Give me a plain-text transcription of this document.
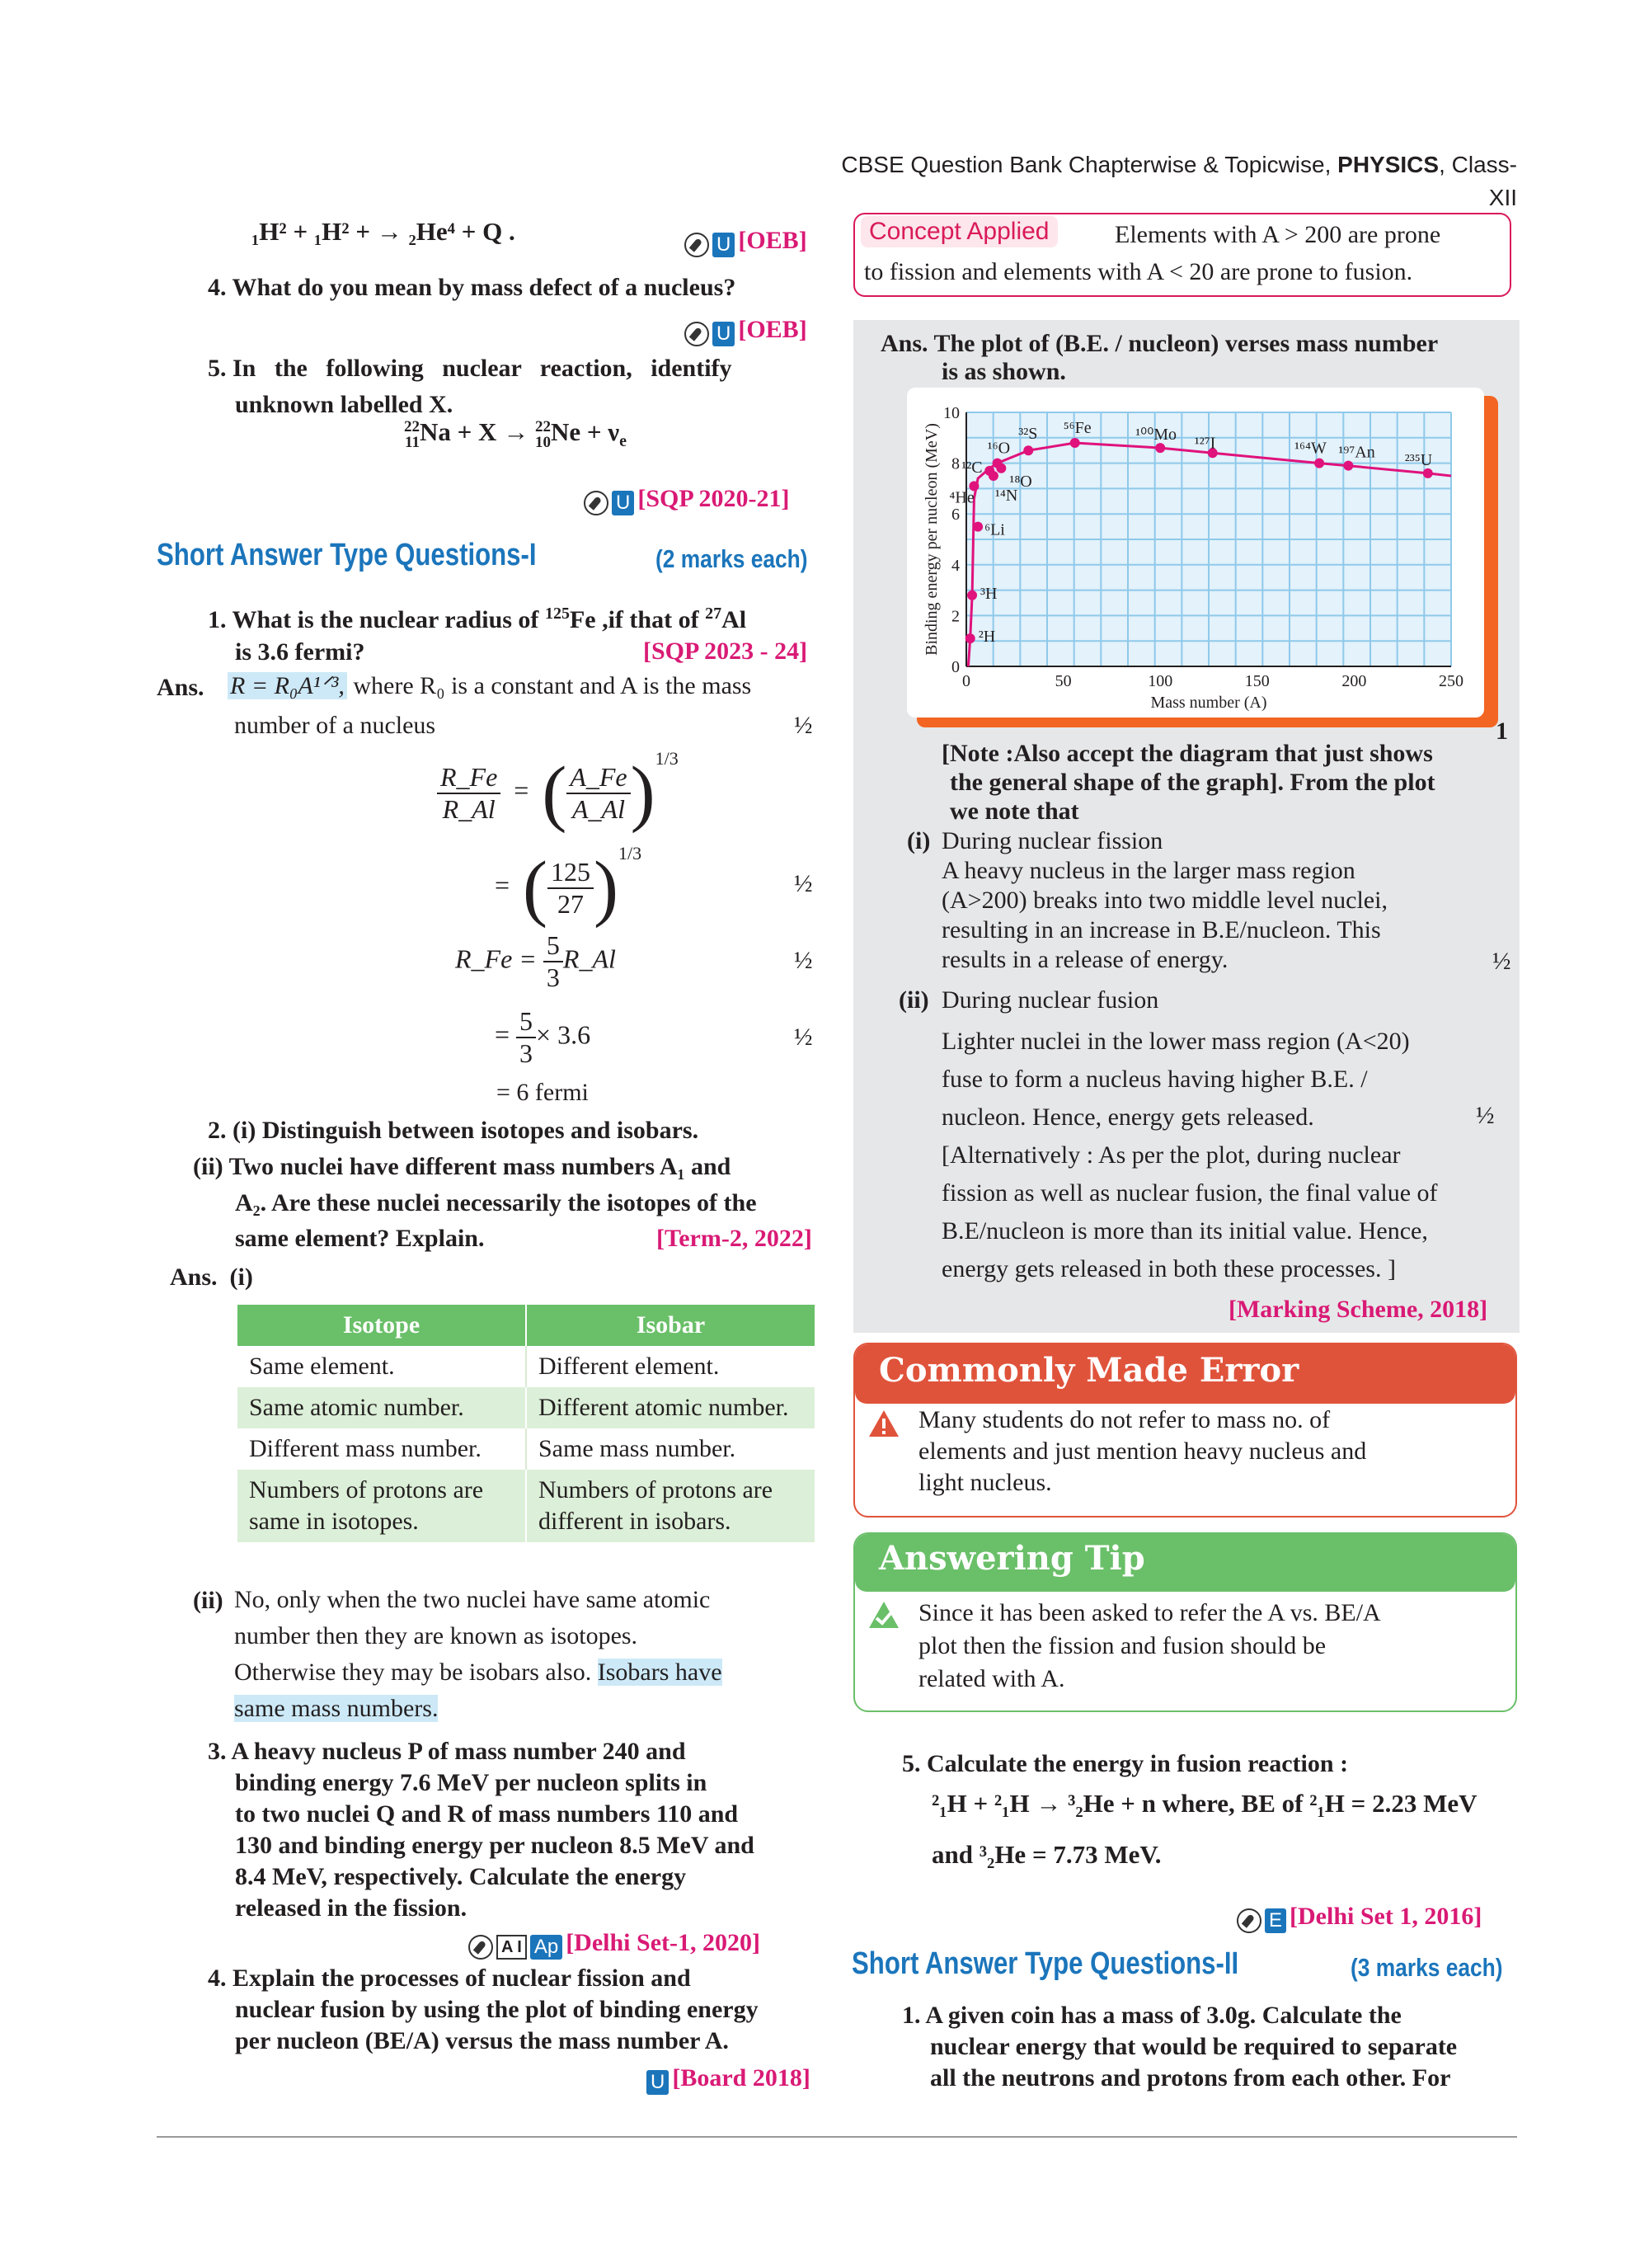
CBSE Question Bank Chapterwise & Topicwise, PHYSICS, Class-XII
₁H² + ₁H² + → ₂He⁴ + Q .	U [OEB]
4. What do you mean by mass defect of a nucleus?
U [OEB]
5. In   the   following   nuclear   reaction,   identify
unknown labelled X.
22
11Na + X → 22
$10Ne + \nu_e$
U [SQP 2020-21]
Short Answer Type Questions-I	(2 marks each)
1. What is the nuclear radius of $^{125}$Fe ,if that of $^{27}$Al
is 3.6 fermi?	[SQP 2023 - 24]
Ans. R = R₀A¹ᐟ³, where R₀ is a constant and A is the mass
number of a nucleus	½
$\frac{R\_Fe}{R\_Al}$ = ( $\frac{A\_Fe}{A\_Al} )^{1/3}$
= ( $\frac{125}{27} )^{1/3}$
½
R_Fe = $\frac{5}{3}$ R_Al	½
= $\frac{5}{3} \times 3.6$	½
= 6 fermi
2. (i) Distinguish between isotopes and isobars.
(ii) Two nuclei have different mass numbers A₁ and
A₂. Are these nuclei necessarily the isotopes of the
same element? Explain.	[Term-2, 2022]
Ans.  (i)
Isotope	Isobar
Same element.	Different element.
Same atomic number.	Different atomic number.
Different mass number.	Same mass number.
Numbers of protons are same in isotopes.	Numbers of protons are different in isobars.
(ii) No, only when the two nuclei have same atomic
number then they are known as isotopes.
Otherwise they may be isobars also. Isobars have
same mass numbers.
3. A heavy nucleus P of mass number 240 and
binding energy 7.6 MeV per nucleon splits in
to two nuclei Q and R of mass numbers 110 and
130 and binding energy per nucleon 8.5 MeV and
8.4 MeV, respectively. Calculate the energy
released in the fission.
A I Ap [Delhi Set-1, 2020]
4. Explain the processes of nuclear fission and
nuclear fusion by using the plot of binding energy
per nucleon (BE/A) versus the mass number A.
U [Board 2018]
Concept Applied	Elements with A > 200 are prone
to fission and elements with A < 20 are prone to fusion.
Ans. The plot of (B.E. / nucleon) verses mass number
is as shown.
0	50	100	150	200	250
0
2
4
6
8
10
Mass number (A)
Binding energy per nucleon (MeV) ²H
³H
⁶Li
⁴He
¹²C
¹⁴N
¹⁶O
¹⁸O
³²S ⁵⁶Fe	¹⁰⁰Mo ¹²⁷I	¹⁶⁴W ¹⁹⁷An ²³⁵U
1
[Note :Also accept the diagram that just shows
the general shape of the graph]. From the plot
we note that
(i) During nuclear fission
A heavy nucleus in the larger mass region
(A>200) breaks into two middle level nuclei,
resulting in an increase in B.E/nucleon. This
results in a release of energy.	½
(ii) During nuclear fusion
Lighter nuclei in the lower mass region (A<20)
fuse to form a nucleus having higher B.E. /
nucleon. Hence, energy gets released.	½
[Alternatively : As per the plot, during nuclear
fission as well as nuclear fusion, the final value of
B.E/nucleon is more than its initial value. Hence,
energy gets released in both these processes. ]
[Marking Scheme, 2018]
Commonly Made Error
Many students do not refer to mass no. of
elements and just mention heavy nucleus and
light nucleus.
Answering Tip
Since it has been asked to refer the A vs. BE/A
plot then the fission and fusion should be
related with A.
5. Calculate the energy in fusion reaction :
²₁H + ²₁H → ³₂He + n where, BE of ²₁H = 2.23 MeV
and ³₂He = 7.73 MeV.
E [Delhi Set 1, 2016]
Short Answer Type Questions-II	(3 marks each)
1. A given coin has a mass of 3.0g. Calculate the
nuclear energy that would be required to separate
all the neutrons and protons from each other. For
